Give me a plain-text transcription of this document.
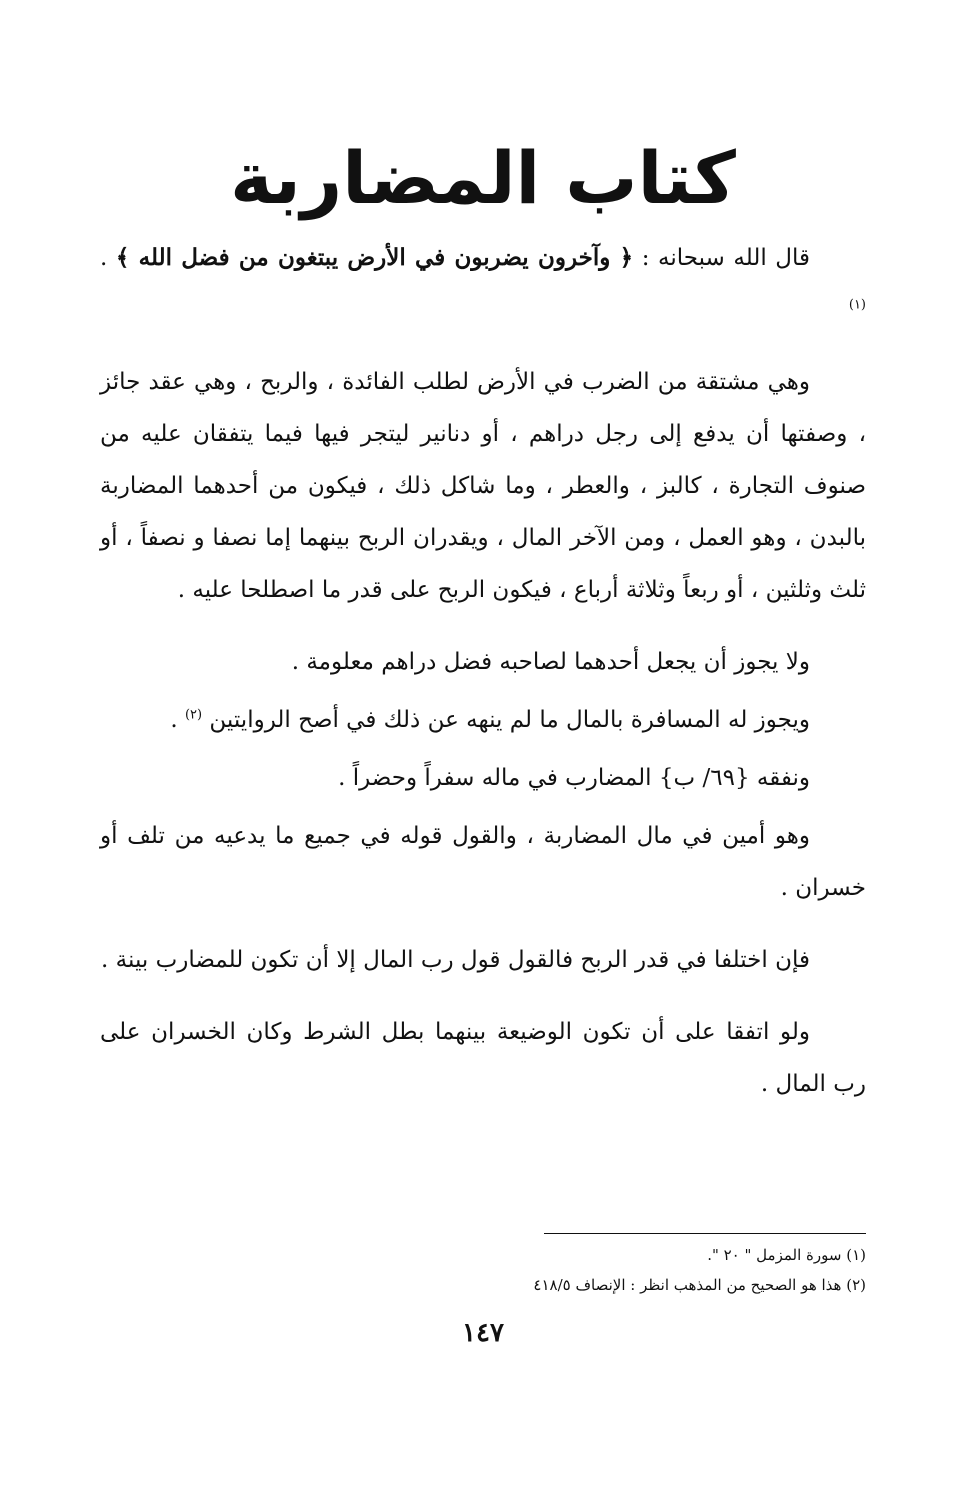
كتاب المضاربة

قال الله سبحانه : ﴿ وآخرون يضربون في الأرض يبتغون من فضل الله ﴾ . $^{(١)}$

وهي مشتقة من الضرب في الأرض لطلب الفائدة ، والربح ، وهي عقد جائز ، وصفتها أن يدفع إلى رجل دراهم ، أو دنانير ليتجر فيها فيما يتفقان عليه من صنوف التجارة ، كالبز ، والعطر ، وما شاكل ذلك ، فيكون من أحدهما المضاربة بالبدن ، وهو العمل ، ومن الآخر المال ، ويقدران الربح بينهما إما نصفا و نصفاً ، أو ثلث وثلثين ، أو ربعاً وثلاثة أرباع ، فيكون الربح على قدر ما اصطلحا عليه .

ولا يجوز أن يجعل أحدهما لصاحبه فضل دراهم معلومة .

ويجوز له المسافرة بالمال ما لم ينهه عن ذلك في أصح الروايتين $^{(٢)}$ .

ونفقه {٦٩/ ب} المضارب في ماله سفراً وحضراً .

وهو أمين في مال المضاربة ، والقول قوله في جميع ما يدعيه من تلف أو خسران .

فإن اختلفا في قدر الربح فالقول قول رب المال إلا أن تكون للمضارب بينة .

ولو اتفقا على أن تكون الوضيعة بينهما بطل الشرط وكان الخسران على رب المال .

(١) سورة المزمل " ٢٠ ".
(٢) هذا هو الصحيح من المذهب انظر : الإنصاف ٤١٨/٥
١٤٧
